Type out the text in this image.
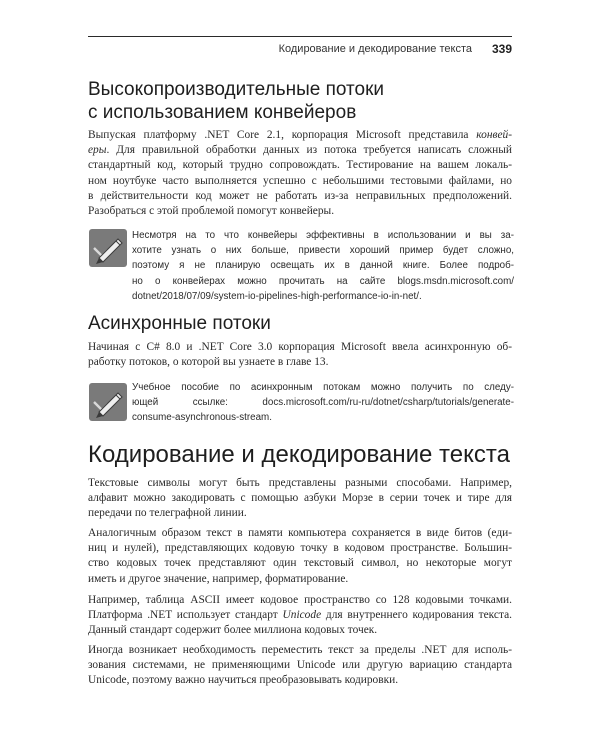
Кодирование и декодирование текста 339
Высокопроизводительные потоки
с использованием конвейеров
Выпуская платформу .NET Core 2.1, корпорация Microsoft представила конвей-
еры. Для правильной обработки данных из потока требуется написать сложный
стандартный код, который трудно сопровождать. Тестирование на вашем локаль-
ном ноутбуке часто выполняется успешно с небольшими тестовыми файлами, но
в действительности код может не работать из-за неправильных предположений.
Разобраться с этой проблемой помогут конвейеры.
Несмотря на то что конвейеры эффективны в использовании и вы за-
хотите узнать о них больше, привести хороший пример будет сложно,
поэтому я не планирую освещать их в данной книге. Более подроб-
но о конвейерах можно прочитать на сайте blogs.msdn.microsoft.com/
dotnet/2018/07/09/system-io-pipelines-high-performance-io-in-net/.
Асинхронные потоки
Начиная с C# 8.0 и .NET Core 3.0 корпорация Microsoft ввела асинхронную об-
работку потоков, о которой вы узнаете в главе 13.
Учебное пособие по асинхронным потокам можно получить по следу-
ющей ссылке: docs.microsoft.com/ru-ru/dotnet/csharp/tutorials/generate-
consume-asynchronous-stream.
Кодирование и декодирование текста
Текстовые символы могут быть представлены разными способами. Например,
алфавит можно закодировать с помощью азбуки Морзе в серии точек и тире для
передачи по телеграфной линии.
Аналогичным образом текст в памяти компьютера сохраняется в виде битов (еди-
ниц и нулей), представляющих кодовую точку в кодовом пространстве. Большин-
ство кодовых точек представляют один текстовый символ, но некоторые могут
иметь и другое значение, например, форматирование.
Например, таблица ASCII имеет кодовое пространство со 128 кодовыми точками.
Платформа .NET использует стандарт Unicode для внутреннего кодирования текста.
Данный стандарт содержит более миллиона кодовых точек.
Иногда возникает необходимость переместить текст за пределы .NET для исполь-
зования системами, не применяющими Unicode или другую вариацию стандарта
Unicode, поэтому важно научиться преобразовывать кодировки.
